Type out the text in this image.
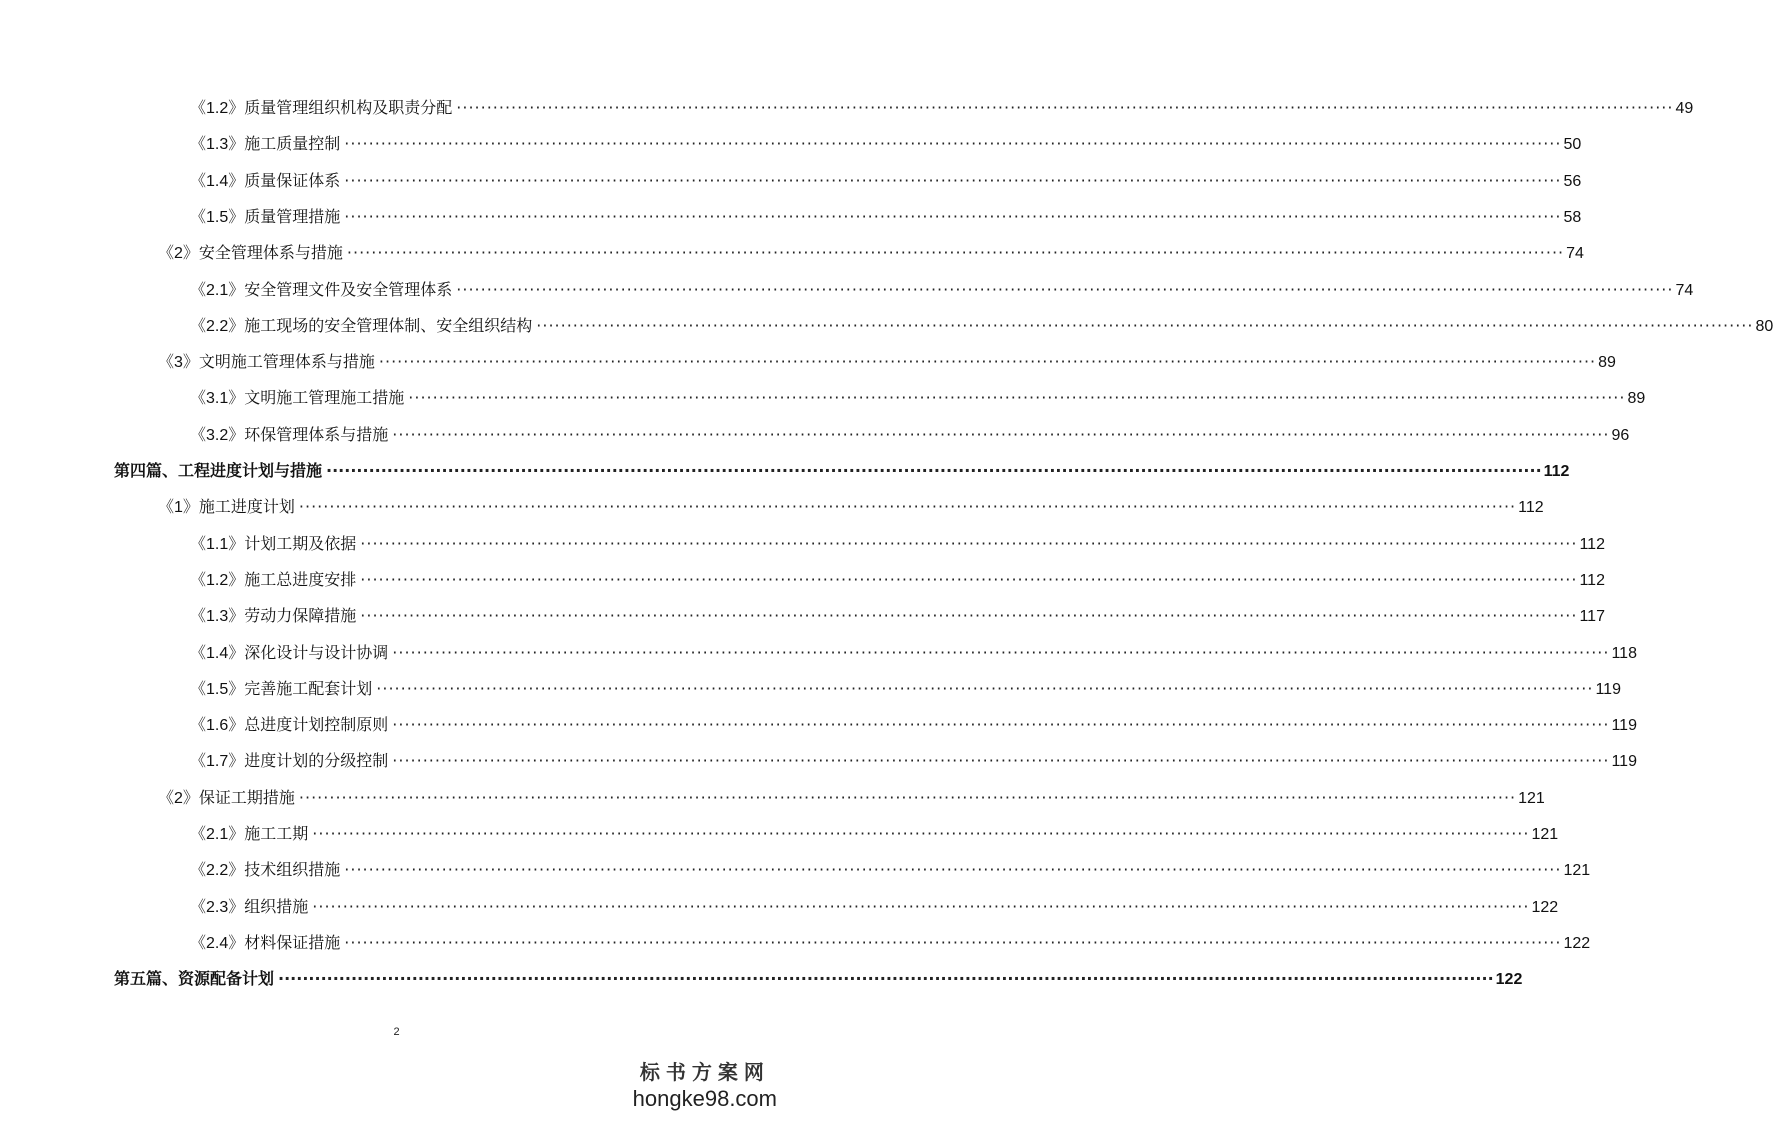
《1.2》 质量管理组织机构及职责分配 ········································································································································································································ 49
《1.3》 施工质量控制 ········································································································································································································ 50
《1.4》 质量保证体系 ········································································································································································································ 56
《1.5》 质量管理措施 ········································································································································································································ 58
《2》 安全管理体系与措施 ········································································································································································································ 74
《2.1》 安全管理文件及安全管理体系 ········································································································································································································ 74
《2.2》 施工现场的安全管理体制、安全组织结构 ········································································································································································································ 80
《3》 文明施工管理体系与措施 ········································································································································································································ 89
《3.1》 文明施工管理施工措施 ········································································································································································································ 89
《3.2》 环保管理体系与措施 ········································································································································································································ 96
第四篇、工程进度计划与措施 ········································································································································································································ 112
《1》 施工进度计划 ········································································································································································································ 112
《1.1》 计划工期及依据 ········································································································································································································ 112
《1.2》 施工总进度安排 ········································································································································································································ 112
《1.3》 劳动力保障措施 ········································································································································································································ 117
《1.4》 深化设计与设计协调 ········································································································································································································ 118
《1.5》 完善施工配套计划 ········································································································································································································ 119
《1.6》 总进度计划控制原则 ········································································································································································································ 119
《1.7》 进度计划的分级控制 ········································································································································································································ 119
《2》 保证工期措施 ········································································································································································································ 121
《2.1》 施工工期 ········································································································································································································ 121
《2.2》 技术组织措施 ········································································································································································································ 121
《2.3》 组织措施 ········································································································································································································ 122
《2.4》 材料保证措施 ········································································································································································································ 122
第五篇、资源配备计划 ········································································································································································································ 122
2
标书方案网
hongke98.com
